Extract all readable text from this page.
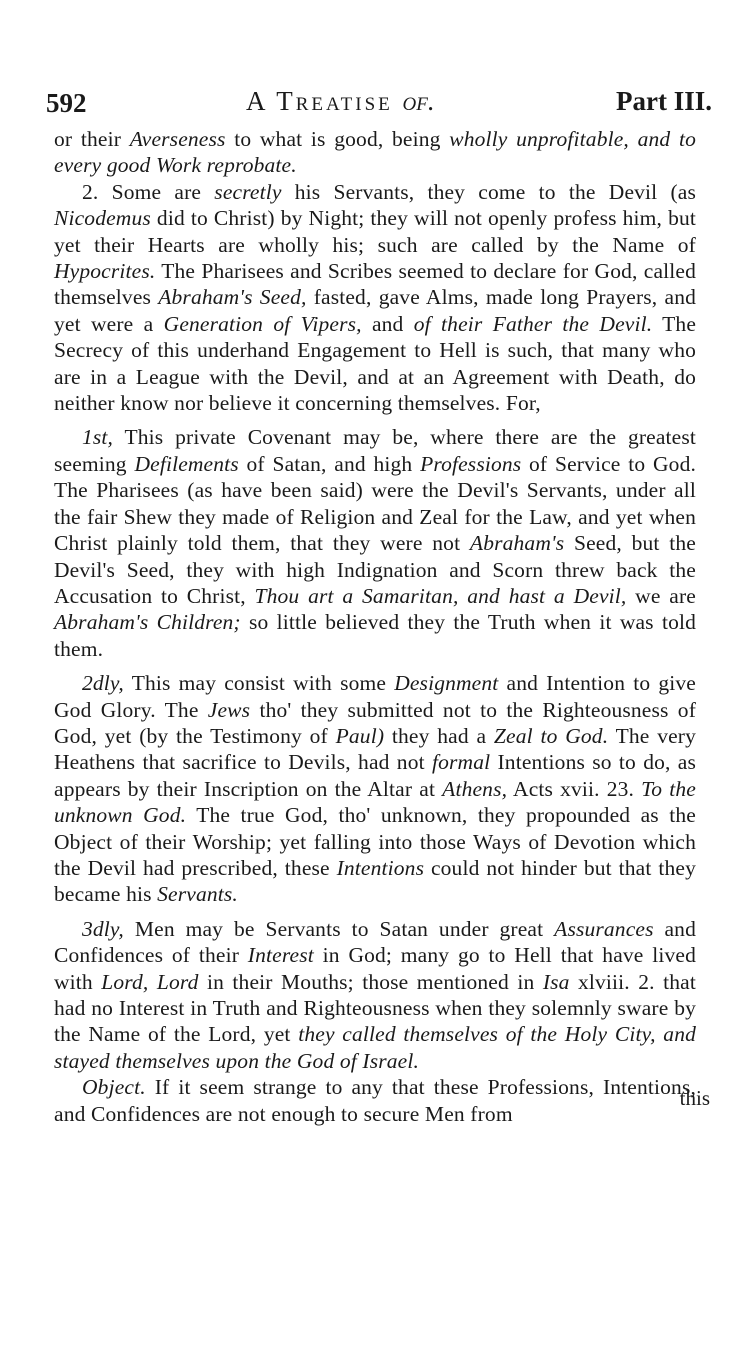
592	A Treatise of.	Part III.

or their Averseness to what is good, being wholly unprofitable, and to every good Work reprobate.

2. Some are secretly his Servants, they come to the Devil (as Nicodemus did to Christ) by Night; they will not openly profess him, but yet their Hearts are wholly his; such are called by the Name of Hypocrites. The Pharisees and Scribes seemed to declare for God, called themselves Abraham's Seed, fasted, gave Alms, made long Prayers, and yet were a Generation of Vipers, and of their Father the Devil. The Secrecy of this underhand Engagement to Hell is such, that many who are in a League with the Devil, and at an Agreement with Death, do neither know nor believe it concerning themselves. For,

1st, This private Covenant may be, where there are the greatest seeming Defilements of Satan, and high Professions of Service to God. The Pharisees (as have been said) were the Devil's Servants, under all the fair Shew they made of Religion and Zeal for the Law, and yet when Christ plainly told them, that they were not Abraham's Seed, but the Devil's Seed, they with high Indignation and Scorn threw back the Accusation to Christ, Thou art a Samaritan, and hast a Devil, we are Abraham's Children; so little believed they the Truth when it was told them.

2dly, This may consist with some Designment and Intention to give God Glory. The Jews tho' they submitted not to the Righteousness of God, yet (by the Testimony of Paul) they had a Zeal to God. The very Heathens that sacrifice to Devils, had not formal Intentions so to do, as appears by their Inscription on the Altar at Athens, Acts xvii. 23. To the unknown God. The true God, tho' unknown, they propounded as the Object of their Worship; yet falling into those Ways of Devotion which the Devil had prescribed, these Intentions could not hinder but that they became his Servants.

3dly, Men may be Servants to Satan under great Assurances and Confidences of their Interest in God; many go to Hell that have lived with Lord, Lord in their Mouths; those mentioned in Isa xlviii. 2. that had no Interest in Truth and Righteousness when they solemnly sware by the Name of the Lord, yet they called themselves of the Holy City, and stayed themselves upon the God of Israel.

Object. If it seem strange to any that these Professions, Intentions, and Confidences are not enough to secure Men from

this
